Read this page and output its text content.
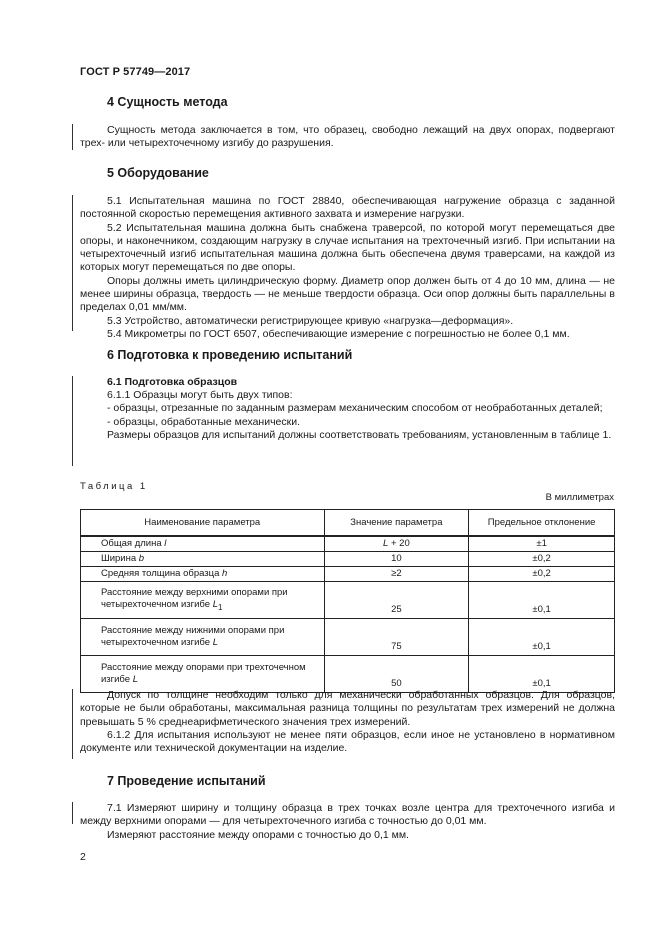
ГОСТ Р 57749—2017
4 Сущность метода
Сущность метода заключается в том, что образец, свободно лежащий на двух опорах, подвергают трех- или четырехточечному изгибу до разрушения.
5 Оборудование
5.1 Испытательная машина по ГОСТ 28840, обеспечивающая нагружение образца с заданной постоянной скоростью перемещения активного захвата и измерение нагрузки.
5.2 Испытательная машина должна быть снабжена траверсой, по которой могут перемещаться две опоры, и наконечником, создающим нагрузку в случае испытания на трехточечный изгиб. При испытании на четырехточечный изгиб испытательная машина должна быть обеспечена двумя траверсами, на каждой из которых могут перемещаться по две опоры.
Опоры должны иметь цилиндрическую форму. Диаметр опор должен быть от 4 до 10 мм, длина — не менее ширины образца, твердость — не меньше твердости образца. Оси опор должны быть параллельны в пределах 0,01 мм/мм.
5.3 Устройство, автоматически регистрирующее кривую «нагрузка—деформация».
5.4 Микрометры по ГОСТ 6507, обеспечивающие измерение с погрешностью не более 0,1 мм.
6 Подготовка к проведению испытаний
6.1 Подготовка образцов
6.1.1 Образцы могут быть двух типов:
- образцы, отрезанные по заданным размерам механическим способом от необработанных деталей;
- образцы, обработанные механически.
Размеры образцов для испытаний должны соответствовать требованиям, установленным в таблице 1.
Таблица 1
В миллиметрах
Наименование параметра	Значение параметра	Предельное отклонение
Общая длина l	L + 20	±1
Ширина b	10	±0,2
Средняя толщина образца h	≥2	±0,2
Расстояние между верхними опорами при четырехточечном изгибе $L_1$	25	±0,1
Расстояние между нижними опорами при четырехточечном изгибе L	75	±0,1
Расстояние между опорами при трехточечном изгибе L	50	±0,1
Допуск по толщине необходим только для механически обработанных образцов. Для образцов, которые не были обработаны, максимальная разница толщины по результатам трех измерений не должна превышать 5 % среднеарифметического значения трех измерений.
6.1.2 Для испытания используют не менее пяти образцов, если иное не установлено в нормативном документе или технической документации на изделие.
7 Проведение испытаний
7.1 Измеряют ширину и толщину образца в трех точках возле центра для трехточечного изгиба и между верхними опорами — для четырехточечного изгиба с точностью до 0,01 мм.
Измеряют расстояние между опорами с точностью до 0,1 мм.
2
